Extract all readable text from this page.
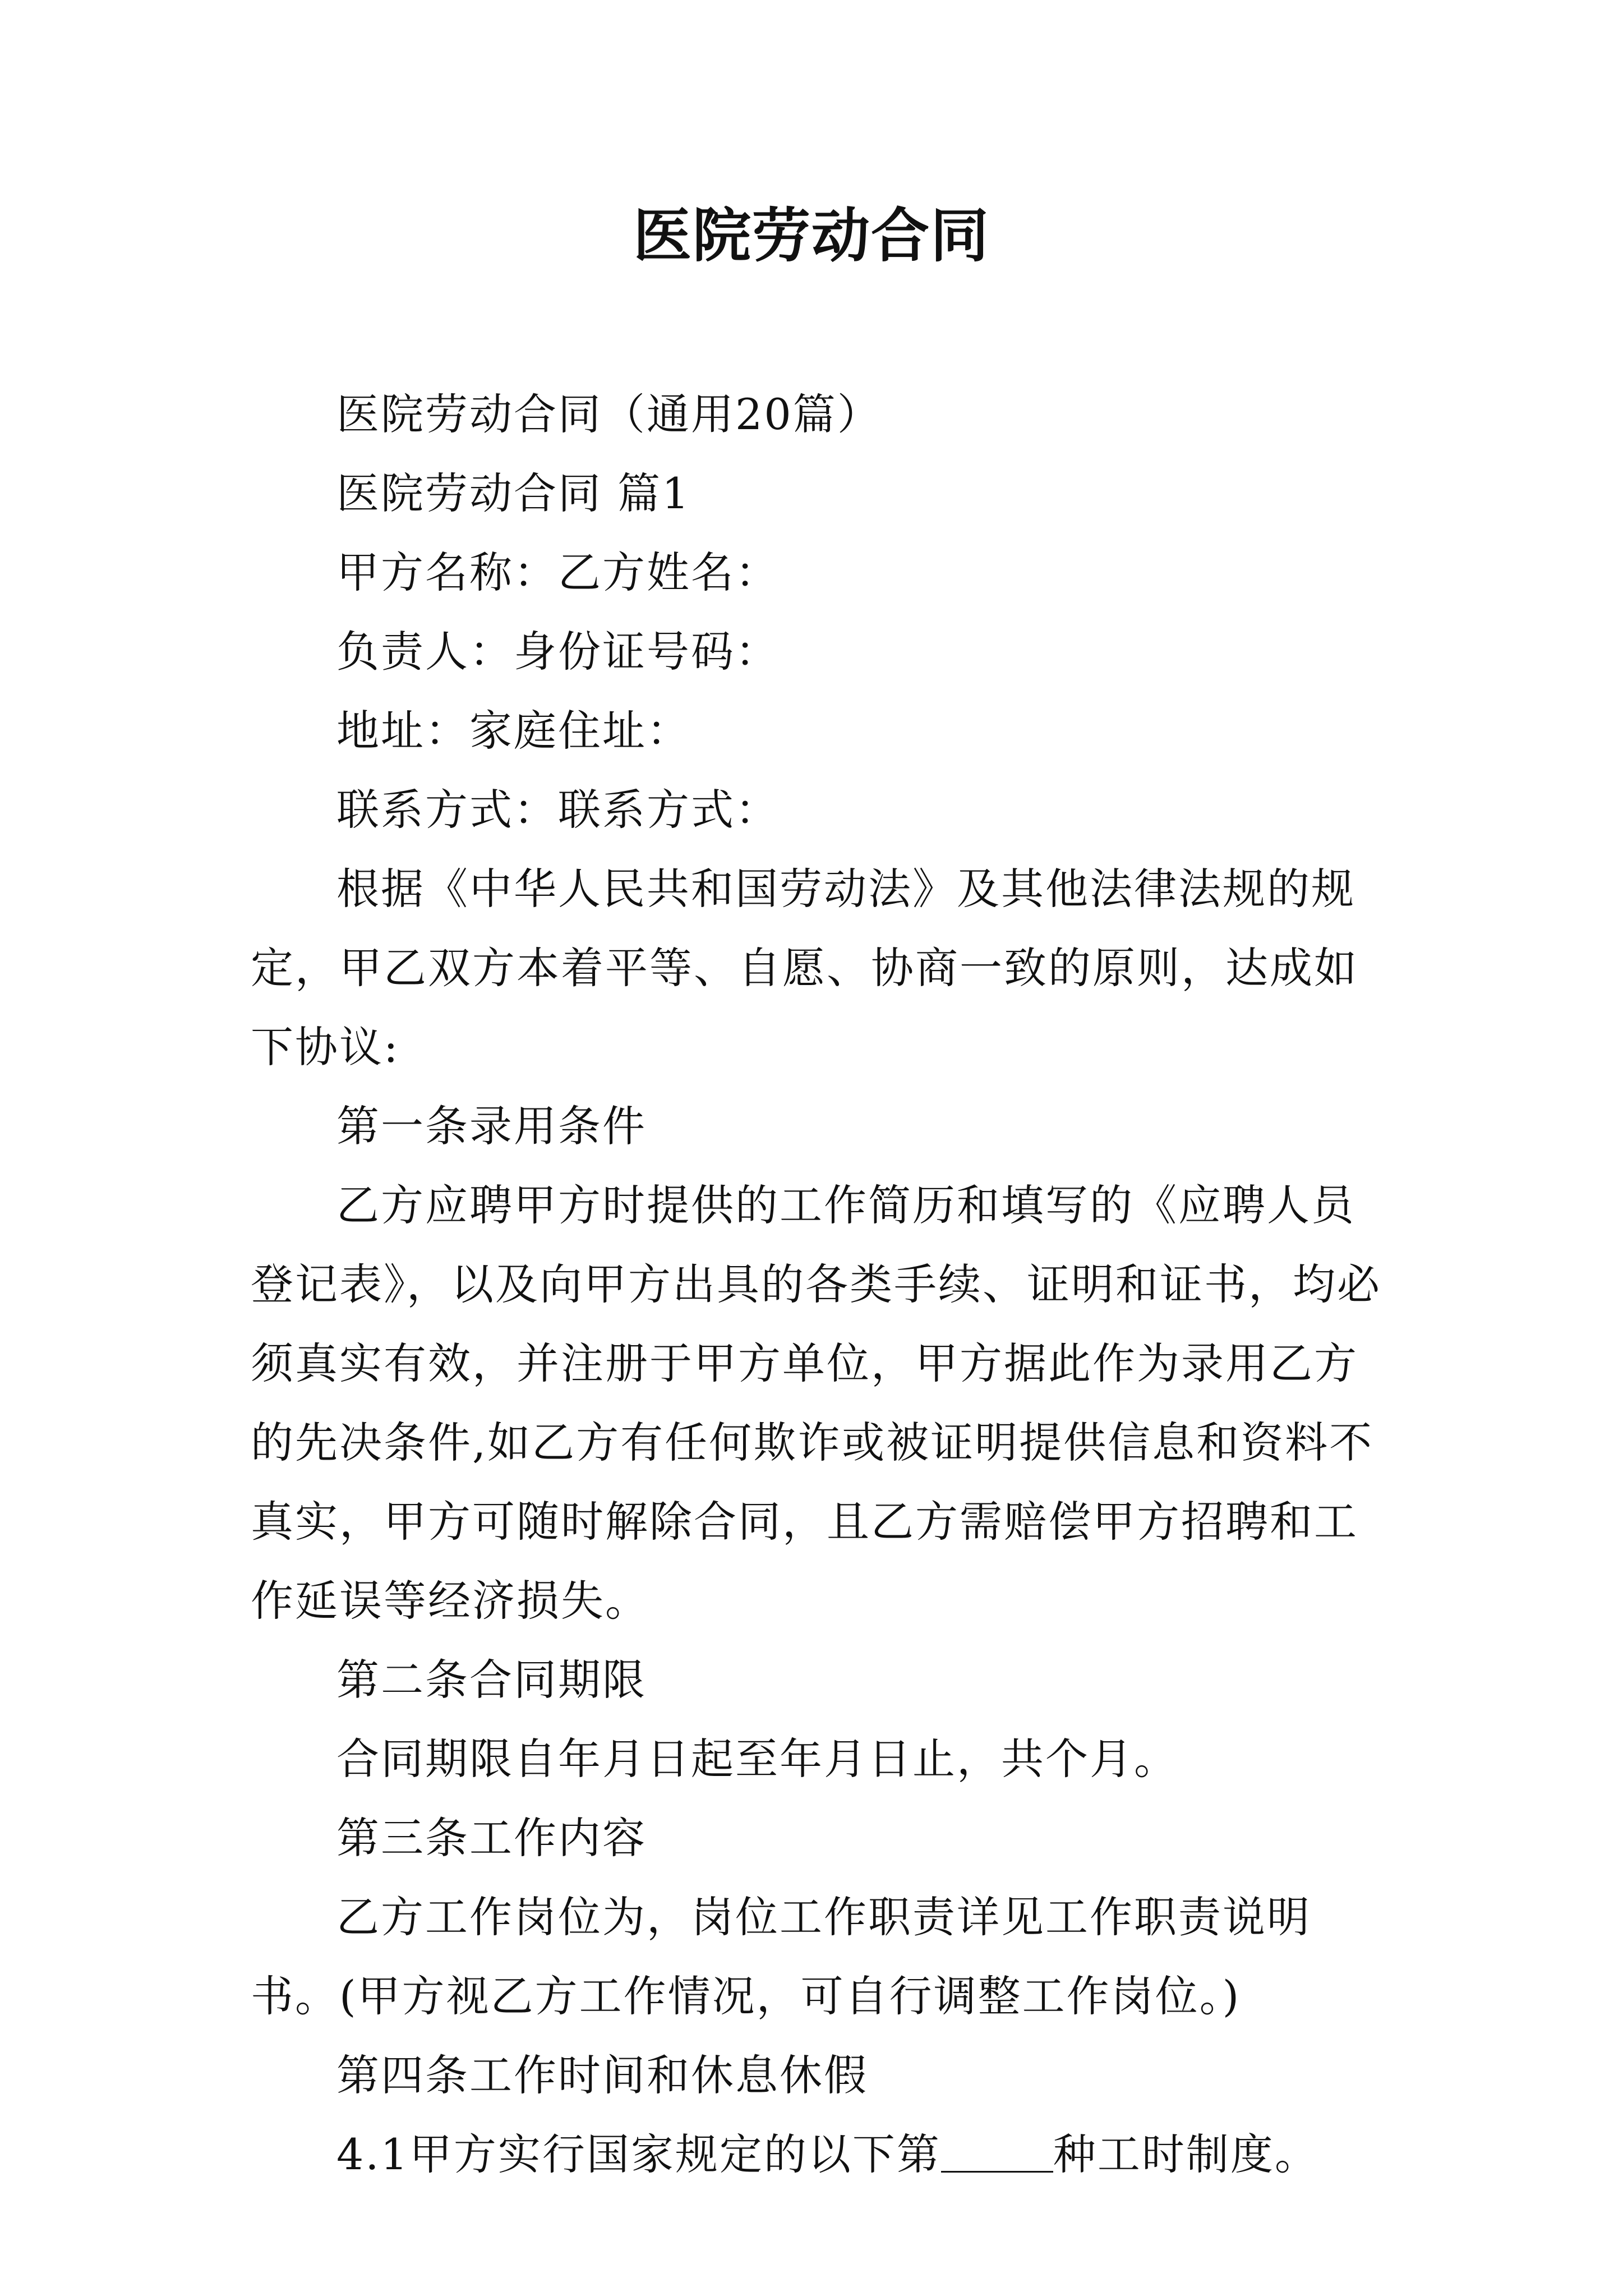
医院劳动合同

医院劳动合同（通用20篇）

医院劳动合同 篇1

甲方名称：乙方姓名：

负责人：身份证号码：

地址：家庭住址：

联系方式：联系方式：

根据《中华人民共和国劳动法》及其他法律法规的规定，甲乙双方本着平等、自愿、协商一致的原则，达成如下协议:

第一条录用条件

乙方应聘甲方时提供的工作简历和填写的《应聘人员登记表》，以及向甲方出具的各类手续、证明和证书，均必须真实有效，并注册于甲方单位，甲方据此作为录用乙方的先决条件,如乙方有任何欺诈或被证明提供信息和资料不真实，甲方可随时解除合同，且乙方需赔偿甲方招聘和工作延误等经济损失。

第二条合同期限

合同期限自年月日起至年月日止，共个月。

第三条工作内容

乙方工作岗位为，岗位工作职责详见工作职责说明书。(甲方视乙方工作情况，可自行调整工作岗位。)

第四条工作时间和休息休假

4.1甲方实行国家规定的以下第	种工时制度。
